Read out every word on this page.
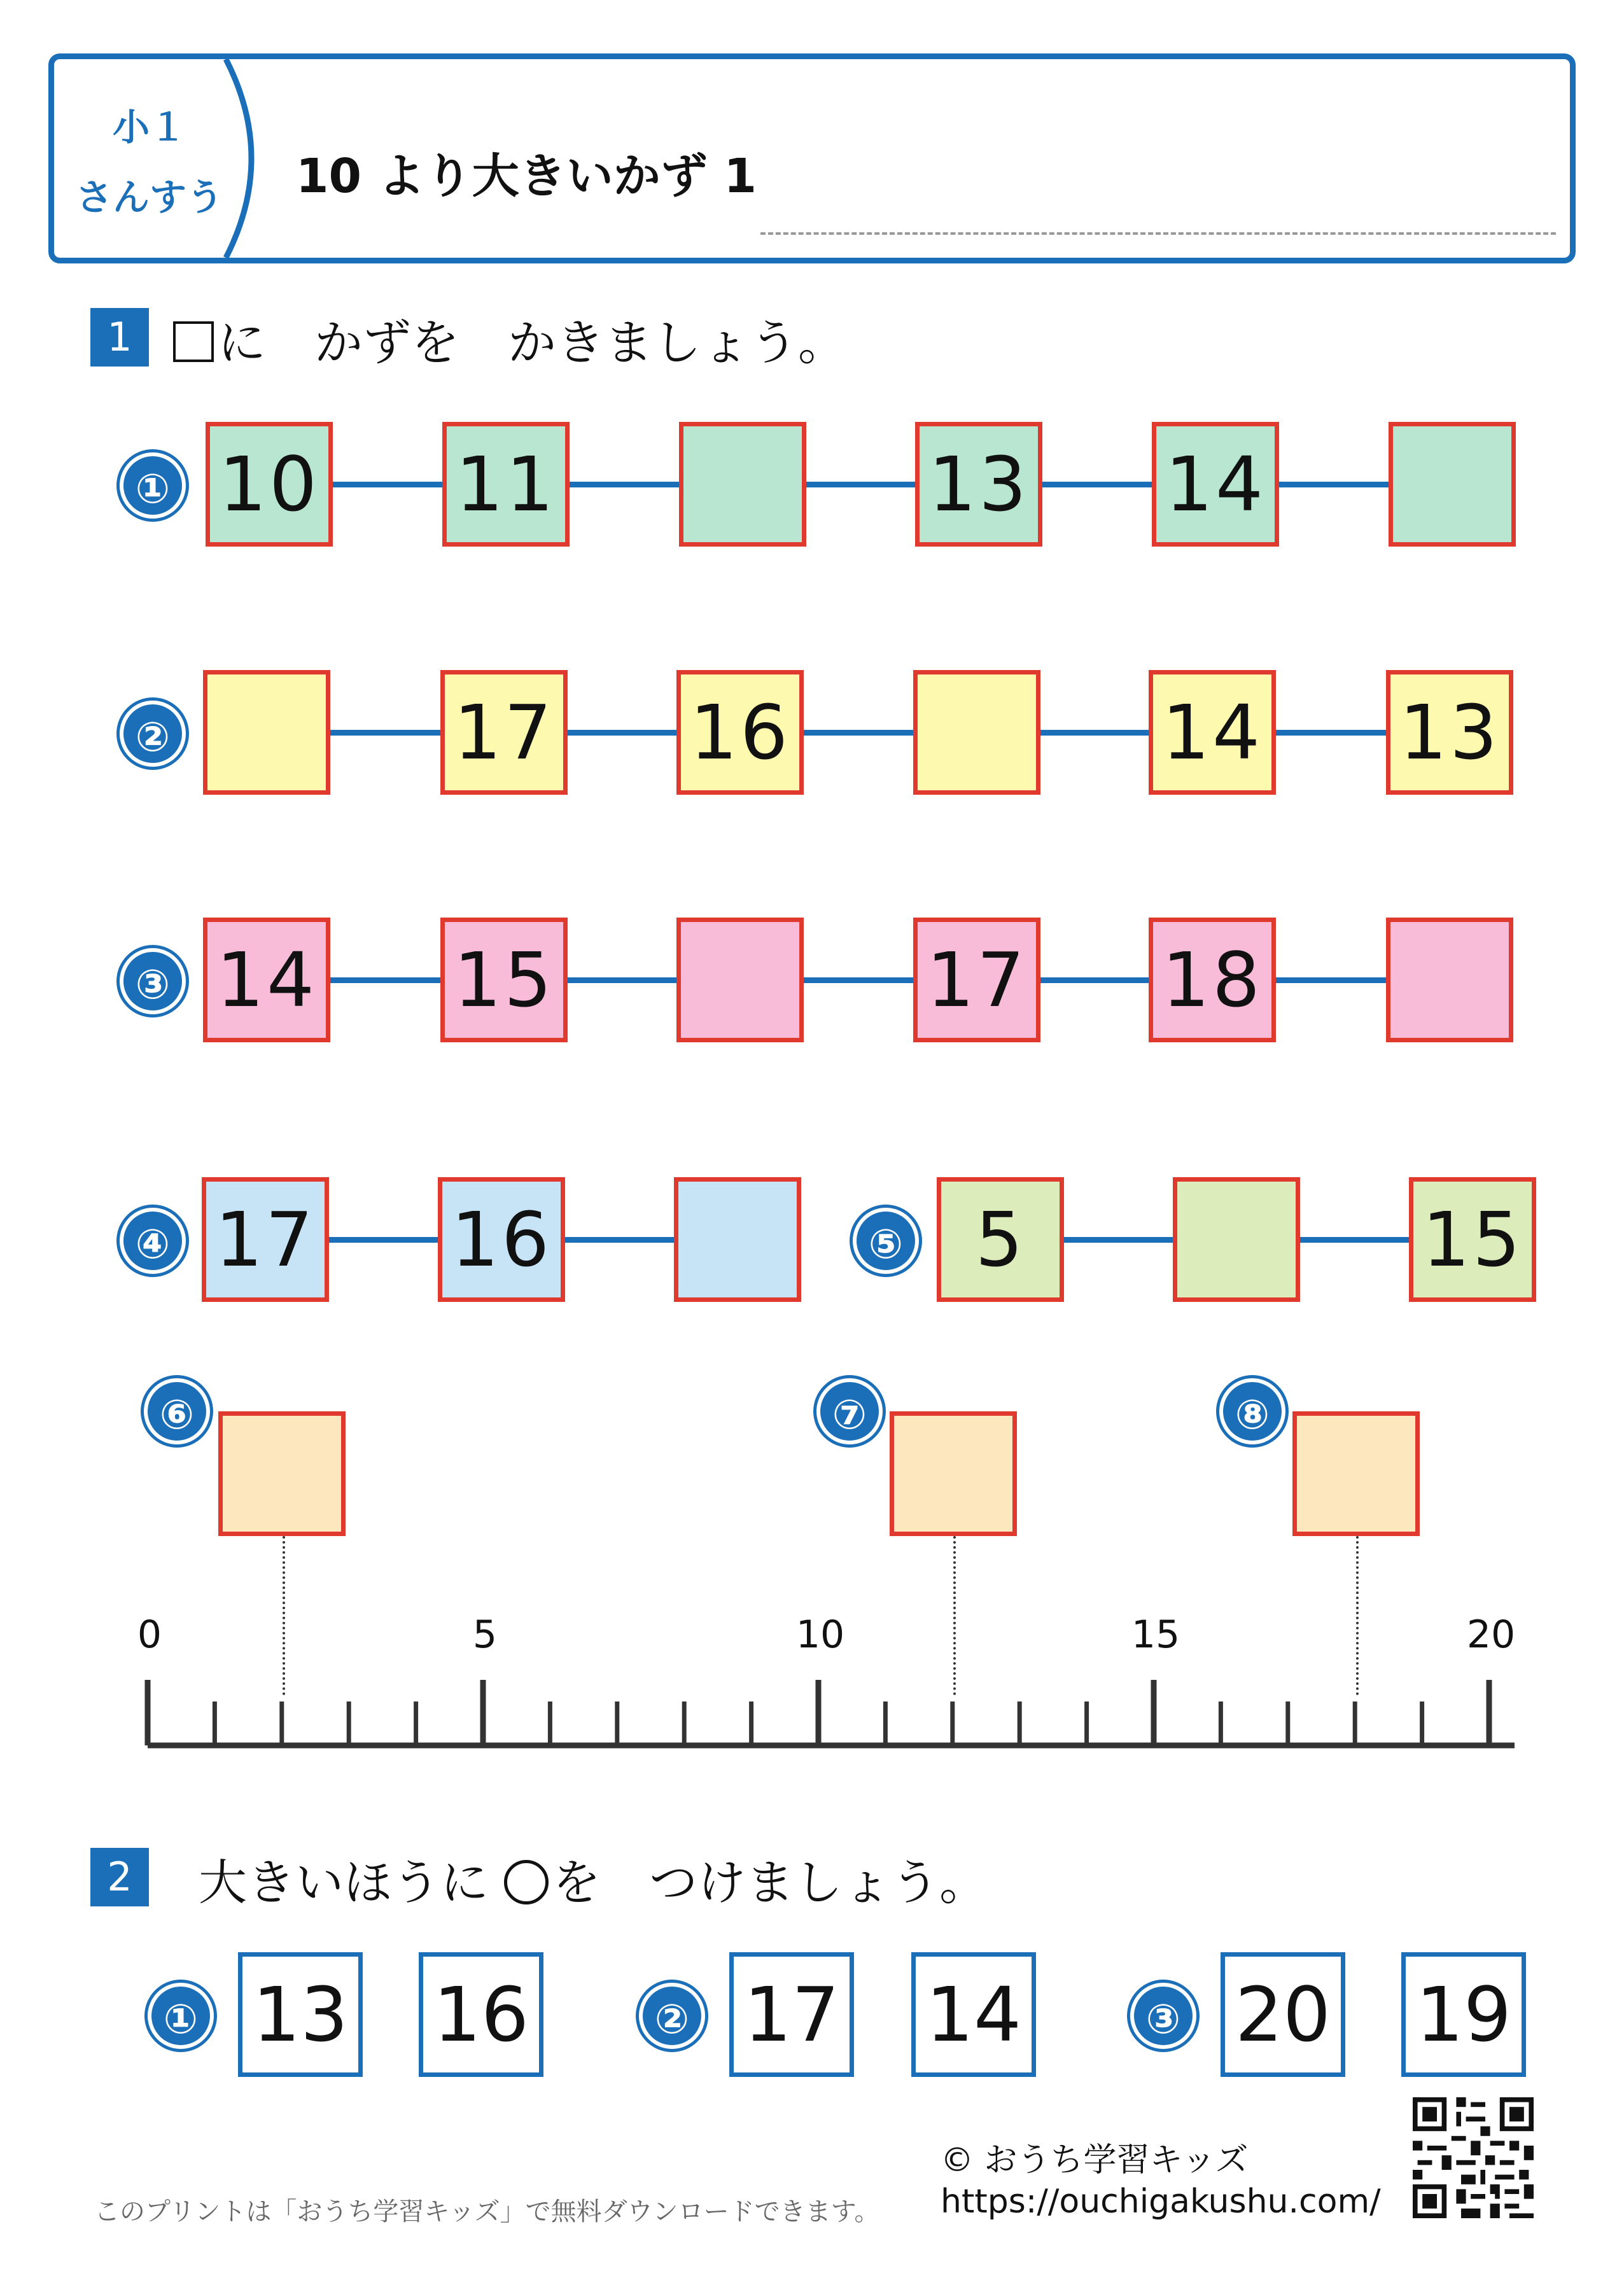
小１
さんすう	10 より大きいかず 1
1	に　かずを　かきましょう。
① 10 11	13 14
②	17 16	14 13
③ 14 15	17 18
④ 17 16	⑤ 5	15
⑥	⑦	⑧
0	5	10	15	20
2	大きいほうに を　つけましょう。
① 13 16	② 17 14	③ 20 19
© おうち学習キッズ
https://ouchigakushu.com/
このプリントは「おうち学習キッズ」で無料ダウンロードできます。
